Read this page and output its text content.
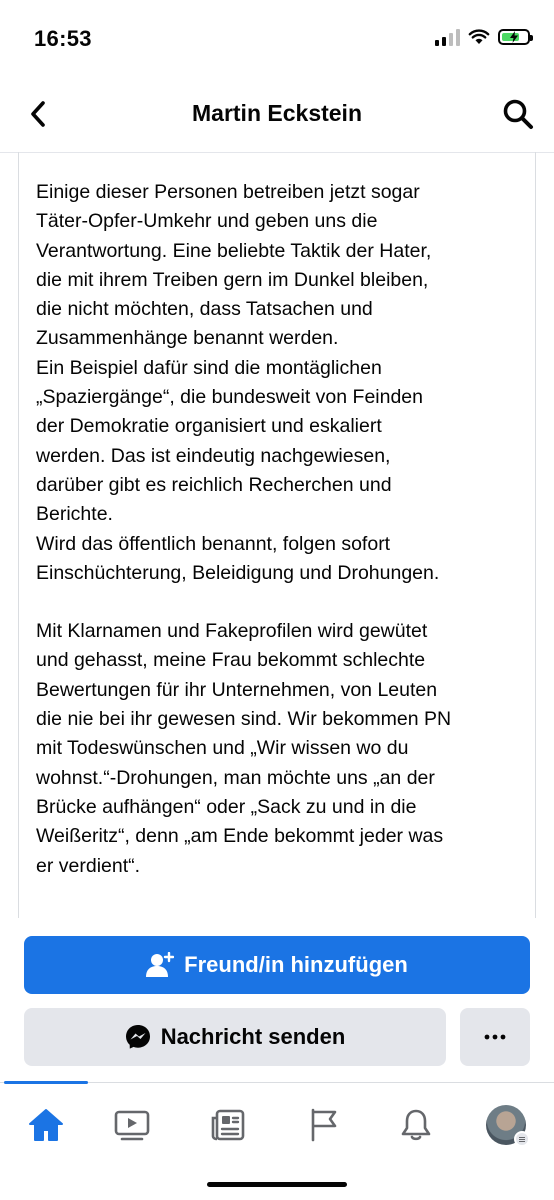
16:53
Martin Eckstein

Einige dieser Personen betreiben jetzt sogar

Täter-Opfer-Umkehr und geben uns die

Verantwortung. Eine beliebte Taktik der Hater,

die mit ihrem Treiben gern im Dunkel bleiben,

die nicht möchten, dass Tatsachen und

Zusammenhänge benannt werden.

Ein Beispiel dafür sind die montäglichen

„Spaziergänge“, die bundesweit von Feinden

der Demokratie organisiert und eskaliert

werden. Das ist eindeutig nachgewiesen,

darüber gibt es reichlich Recherchen und

Berichte.

Wird das öffentlich benannt, folgen sofort

Einschüchterung, Beleidigung und Drohungen.

Mit Klarnamen und Fakeprofilen wird gewütet

und gehasst, meine Frau bekommt schlechte

Bewertungen für ihr Unternehmen, von Leuten

die nie bei ihr gewesen sind. Wir bekommen PN

mit Todeswünschen und „Wir wissen wo du

wohnst.“-Drohungen, man möchte uns „an der

Brücke aufhängen“ oder „Sack zu und in die

Weißeritz“, denn „am Ende bekommt jeder was

er verdient“.

Freund/in hinzufügen
Nachricht senden
